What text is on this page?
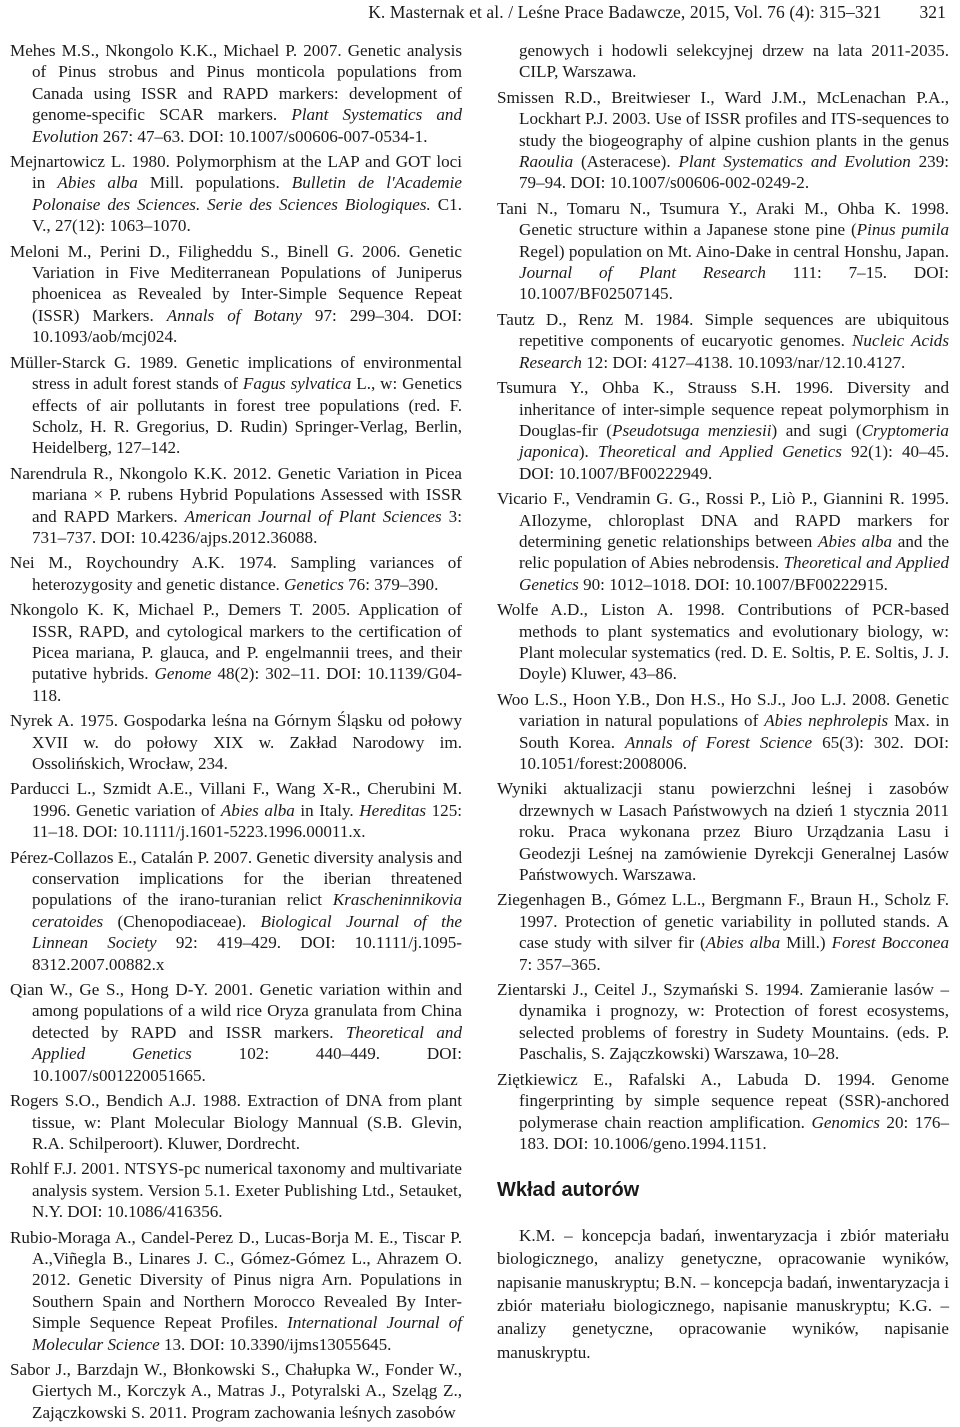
K. Masternak et al. / Leśne Prace Badawcze, 2015, Vol. 76 (4): 315–321 321

Mehes M.S., Nkongolo K.K., Michael P. 2007. Genetic analysis of Pinus strobus and Pinus monticola populations from Canada using ISSR and RAPD markers: development of genome-specific SCAR markers. Plant Systematics and Evolution 267: 47–63. DOI: 10.1007/s00606-007-0534-1.

Mejnartowicz L. 1980. Polymorphism at the LAP and GOT loci in Abies alba Mill. populations. Bulletin de l'Academie Polonaise des Sciences. Serie des Sciences Biologiques. C1. V., 27(12): 1063–1070.

Meloni M., Perini D., Filigheddu S., Binell G. 2006. Genetic Variation in Five Mediterranean Populations of Juniperus phoenicea as Revealed by Inter-Simple Sequence Repeat (ISSR) Markers. Annals of Botany 97: 299–304. DOI: 10.1093/aob/mcj024.

Müller-Starck G. 1989. Genetic implications of environmental stress in adult forest stands of Fagus sylvatica L., w: Genetics effects of air pollutants in forest tree populations (red. F. Scholz, H. R. Gregorius, D. Rudin) Springer-Verlag, Berlin, Heidelberg, 127–142.

Narendrula R., Nkongolo K.K. 2012. Genetic Variation in Picea mariana × P. rubens Hybrid Populations Assessed with ISSR and RAPD Markers. American Journal of Plant Sciences 3: 731–737. DOI: 10.4236/ajps.2012.36088.

Nei M., Roychoundry A.K. 1974. Sampling variances of heterozygosity and genetic distance. Genetics 76: 379–390.

Nkongolo K. K, Michael P., Demers T. 2005. Application of ISSR, RAPD, and cytological markers to the certification of Picea mariana, P. glauca, and P. engelmannii trees, and their putative hybrids. Genome 48(2): 302–11. DOI: 10.1139/G04-118.

Nyrek A. 1975. Gospodarka leśna na Górnym Śląsku od połowy XVII w. do połowy XIX w. Zakład Narodowy im. Ossolińskich, Wrocław, 234.

Parducci L., Szmidt A.E., Villani F., Wang X-R., Cherubini M. 1996. Genetic variation of Abies alba in Italy. Hereditas 125: 11–18. DOI: 10.1111/j.1601-5223.1996.00011.x.

Pérez-Collazos E., Catalán P. 2007. Genetic diversity analysis and conservation implications for the iberian threatened populations of the irano-turanian relict Krascheninnikovia ceratoides (Chenopodiaceae). Biological Journal of the Linnean Society 92: 419–429. DOI: 10.1111/j.1095-8312.2007.00882.x

Qian W., Ge S., Hong D-Y. 2001. Genetic variation within and among populations of a wild rice Oryza granulata from China detected by RAPD and ISSR markers. Theoretical and Applied Genetics 102: 440–449. DOI: 10.1007/s001220051665.

Rogers S.O., Bendich A.J. 1988. Extraction of DNA from plant tissue, w: Plant Molecular Biology Mannual (S.B. Glevin, R.A. Schilperoort). Kluwer, Dordrecht.

Rohlf F.J. 2001. NTSYS-pc numerical taxonomy and multivariate analysis system. Version 5.1. Exeter Publishing Ltd., Setauket, N.Y. DOI: 10.1086/416356.

Rubio-Moraga A., Candel-Perez D., Lucas-Borja M. E., Tiscar P. A.,Viñegla B., Linares J. C., Gómez-Gómez L., Ahrazem O. 2012. Genetic Diversity of Pinus nigra Arn. Populations in Southern Spain and Northern Morocco Revealed By Inter-Simple Sequence Repeat Profiles. International Journal of Molecular Science 13. DOI: 10.3390/ijms13055645.

Sabor J., Barzdajn W., Błonkowski S., Chałupka W., Fonder W., Giertych M., Korczyk A., Matras J., Potyralski A., Szeląg Z., Zajączkowski S. 2011. Program zachowania leśnych zasobów

genowych i hodowli selekcyjnej drzew na lata 2011-2035. CILP, Warszawa.

Smissen R.D., Breitwieser I., Ward J.M., McLenachan P.A., Lockhart P.J. 2003. Use of ISSR profiles and ITS-sequences to study the biogeography of alpine cushion plants in the genus Raoulia (Asteracese). Plant Systematics and Evolution 239: 79–94. DOI: 10.1007/s00606-002-0249-2.

Tani N., Tomaru N., Tsumura Y., Araki M., Ohba K. 1998. Genetic structure within a Japanese stone pine (Pinus pumila Regel) population on Mt. Aino-Dake in central Honshu, Japan. Journal of Plant Research 111: 7–15. DOI: 10.1007/BF02507145.

Tautz D., Renz M. 1984. Simple sequences are ubiquitous repetitive components of eucaryotic genomes. Nucleic Acids Research 12: DOI: 4127–4138. 10.1093/nar/12.10.4127.

Tsumura Y., Ohba K., Strauss S.H. 1996. Diversity and inheritance of inter-simple sequence repeat polymorphism in Douglas-fir (Pseudotsuga menziesii) and sugi (Cryptomeria japonica). Theoretical and Applied Genetics 92(1): 40–45. DOI: 10.1007/BF00222949.

Vicario F., Vendramin G. G., Rossi P., Liò P., Giannini R. 1995. AIlozyme, chloroplast DNA and RAPD markers for determining genetic relationships between Abies alba and the relic population of Abies nebrodensis. Theoretical and Applied Genetics 90: 1012–1018. DOI: 10.1007/BF00222915.

Wolfe A.D., Liston A. 1998. Contributions of PCR-based methods to plant systematics and evolutionary biology, w: Plant molecular systematics (red. D. E. Soltis, P. E. Soltis, J. J. Doyle) Kluwer, 43–86.

Woo L.S., Hoon Y.B., Don H.S., Ho S.J., Joo L.J. 2008. Genetic variation in natural populations of Abies nephrolepis Max. in South Korea. Annals of Forest Science 65(3): 302. DOI: 10.1051/forest:2008006.

Wyniki aktualizacji stanu powierzchni leśnej i zasobów drzewnych w Lasach Państwowych na dzień 1 stycznia 2011 roku. Praca wykonana przez Biuro Urządzania Lasu i Geodezji Leśnej na zamówienie Dyrekcji Generalnej Lasów Państwowych. Warszawa.

Ziegenhagen B., Gómez L.L., Bergmann F., Braun H., Scholz F. 1997. Protection of genetic variability in polluted stands. A case study with silver fir (Abies alba Mill.) Forest Bocconea 7: 357–365.

Zientarski J., Ceitel J., Szymański S. 1994. Zamieranie lasów – dynamika i prognozy, w: Protection of forest ecosystems, selected problems of forestry in Sudety Mountains. (eds. P. Paschalis, S. Zajączkowski) Warszawa, 10–28.

Ziętkiewicz E., Rafalski A., Labuda D. 1994. Genome fingerprinting by simple sequence repeat (SSR)-anchored polymerase chain reaction amplification. Genomics 20: 176–183. DOI: 10.1006/geno.1994.1151.

Wkład autorów

K.M. – koncepcja badań, inwentaryzacja i zbiór materiału biologicznego, analizy genetyczne, opracowanie wyników, napisanie manuskryptu; B.N. – koncepcja badań, inwentaryzacja i zbiór materiału biologicznego, napisanie manuskryptu; K.G. – analizy genetyczne, opracowanie wyników, napisanie manuskryptu.
